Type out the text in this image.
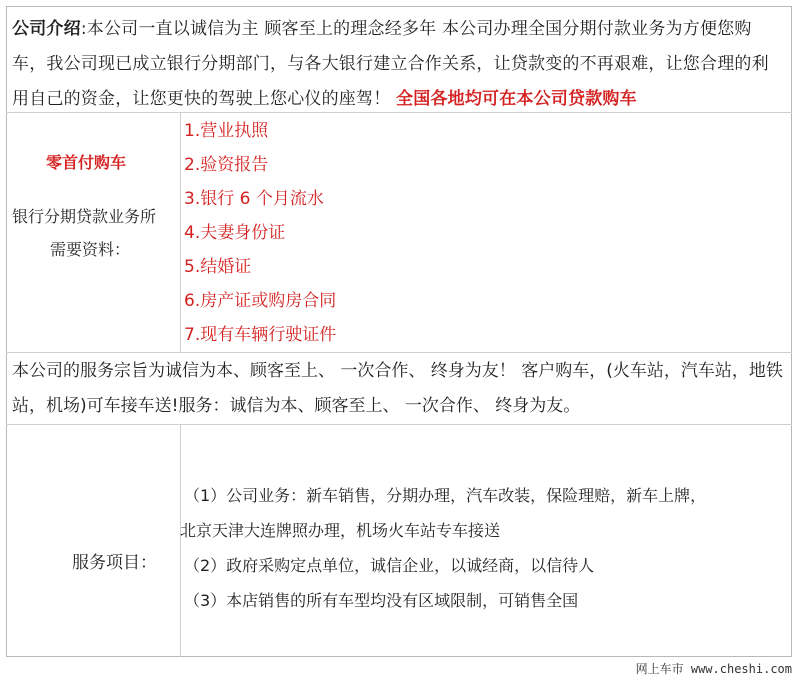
公司介绍:本公司一直以诚信为主 顾客至上的理念经多年 本公司办理全国分期付款业务为方便您购车，我公司现已成立银行分期部门，与各大银行建立合作关系，让贷款变的不再艰难，让您合理的利用自己的资金，让您更快的驾驶上您心仪的座驾！ 全国各地均可在本公司贷款购车
零首付购车
银行分期贷款业务所
需要资料：
1.营业执照
2.验资报告
3.银行 6 个月流水
4.夫妻身份证
5.结婚证
6.房产证或购房合同
7.现有车辆行驶证件
本公司的服务宗旨为诚信为本、顾客至上、 一次合作、 终身为友！ 客户购车，(火车站，汽车站，地铁站，机场)可车接车送!服务：诚信为本、顾客至上、 一次合作、 终身为友。
服务项目：
（1）公司业务：新车销售，分期办理，汽车改装，保险理赔，新车上牌，
北京天津大连牌照办理，机场火车站专车接送
（2）政府采购定点单位，诚信企业，以诚经商，以信待人
（3）本店销售的所有车型均没有区域限制，可销售全国
网上车市 www.cheshi.com
